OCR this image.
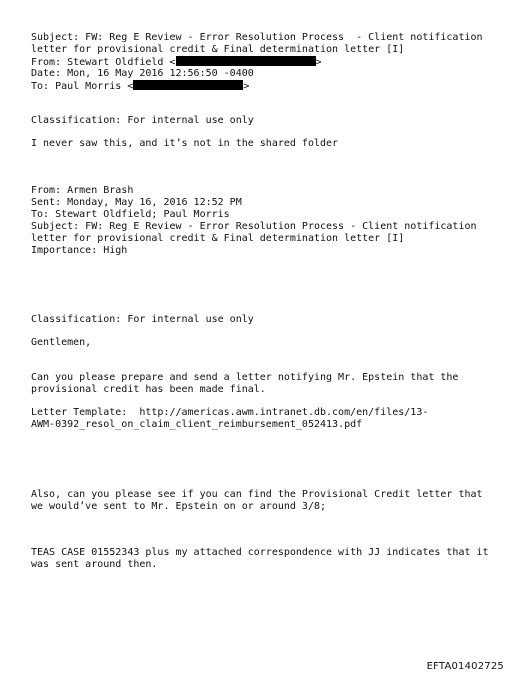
Subject: FW: Reg E Review - Error Resolution Process  - Client notification
letter for provisional credit & Final determination letter [I]
From: Stewart Oldfield <	>
Date: Mon, 16 May 2016 12:56:50 -0400
To: Paul Morris <	>
Classification: For internal use only
I never saw this, and it’s not in the shared folder
From: Armen Brash
Sent: Monday, May 16, 2016 12:52 PM
To: Stewart Oldfield; Paul Morris
Subject: FW: Reg E Review - Error Resolution Process - Client notification
letter for provisional credit & Final determination letter [I]
Importance: High
Classification: For internal use only
Gentlemen,
Can you please prepare and send a letter notifying Mr. Epstein that the
provisional credit has been made final.
Letter Template:  http://americas.awm.intranet.db.com/en/files/13-
AWM-0392_resol_on_claim_client_reimbursement_052413.pdf
Also, can you please see if you can find the Provisional Credit letter that
we would’ve sent to Mr. Epstein on or around 3/8;
TEAS CASE 01552343 plus my attached correspondence with JJ indicates that it
was sent around then.
EFTA01402725
